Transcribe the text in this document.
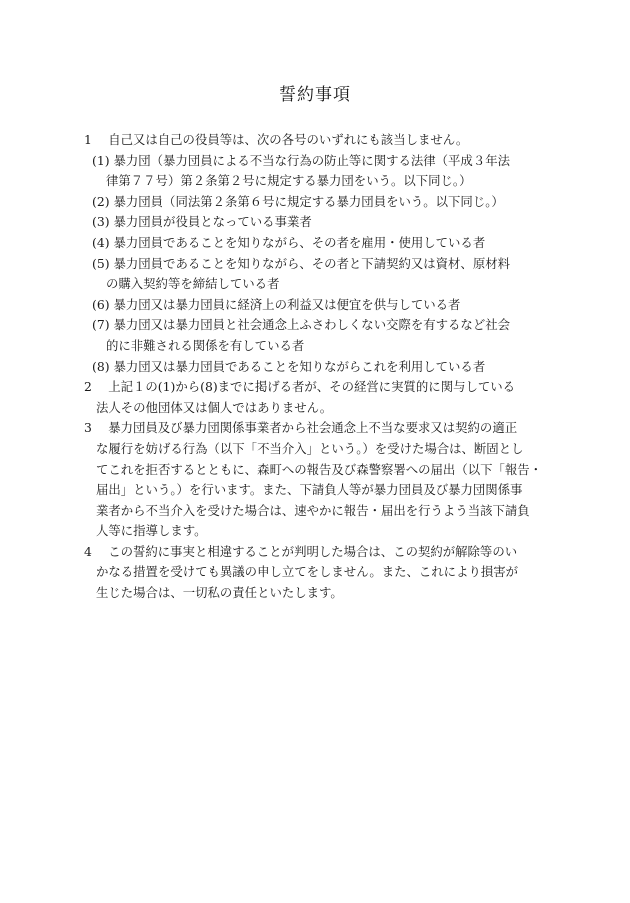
誓約事項
1　 自己又は自己の役員等は、次の各号のいずれにも該当しません。
(1) 暴力団（暴力団員による不当な行為の防止等に関する法律（平成３年法
律第７７号）第２条第２号に規定する暴力団をいう。以下同じ。）
(2) 暴力団員（同法第２条第６号に規定する暴力団員をいう。以下同じ。）
(3) 暴力団員が役員となっている事業者
(4) 暴力団員であることを知りながら、その者を雇用・使用している者
(5) 暴力団員であることを知りながら、その者と下請契約又は資材、原材料
の購入契約等を締結している者
(6) 暴力団又は暴力団員に経済上の利益又は便宜を供与している者
(7) 暴力団又は暴力団員と社会通念上ふさわしくない交際を有するなど社会
的に非難される関係を有している者
(8) 暴力団又は暴力団員であることを知りながらこれを利用している者
2　 上記１の(1)から(8)までに掲げる者が、その経営に実質的に関与している
法人その他団体又は個人ではありません。
3　 暴力団員及び暴力団関係事業者から社会通念上不当な要求又は契約の適正
な履行を妨げる行為（以下「不当介入」という。）を受けた場合は、断固とし
てこれを拒否するとともに、森町への報告及び森警察署への届出（以下「報告・
届出」という。）を行います。また、下請負人等が暴力団員及び暴力団関係事
業者から不当介入を受けた場合は、速やかに報告・届出を行うよう当該下請負
人等に指導します。
4　 この誓約に事実と相違することが判明した場合は、この契約が解除等のい
かなる措置を受けても異議の申し立てをしません。また、これにより損害が
生じた場合は、一切私の責任といたします。
